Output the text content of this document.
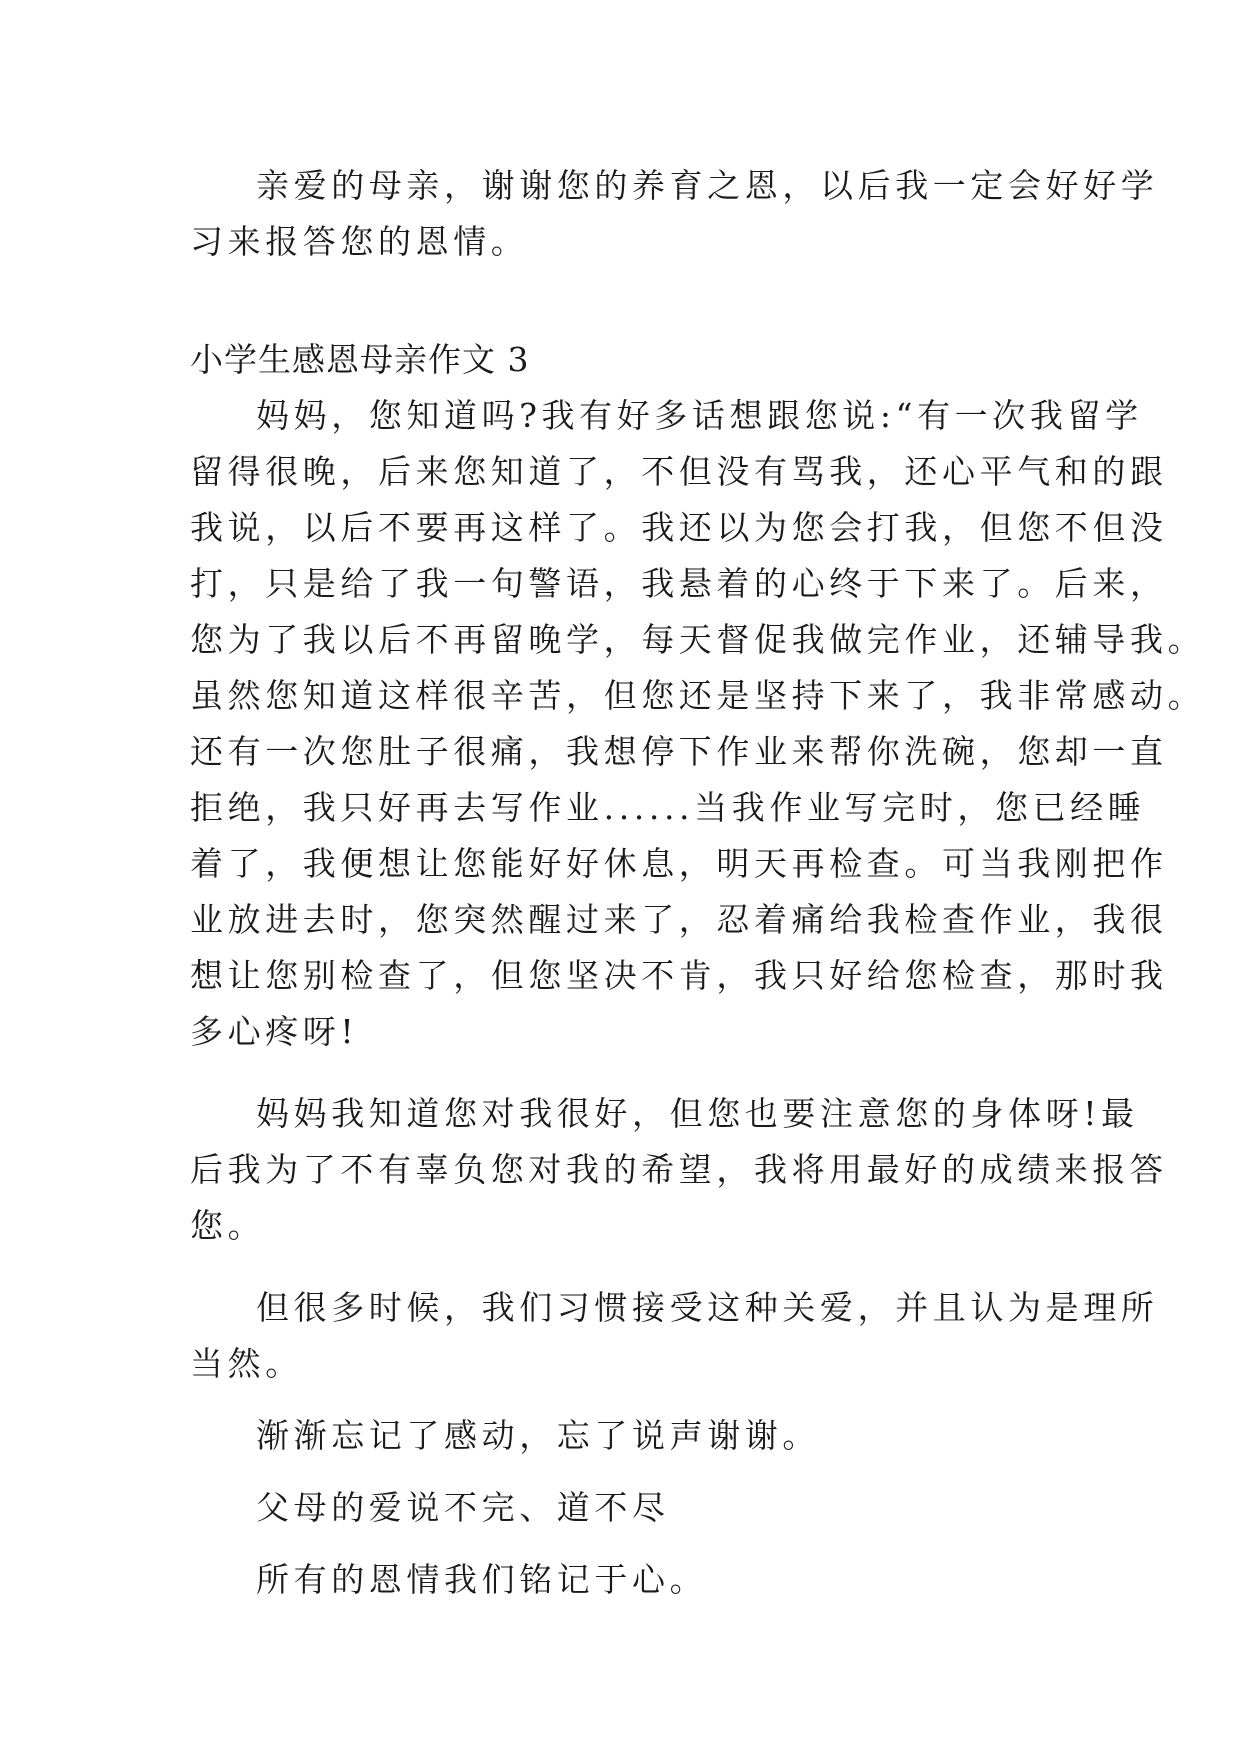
亲爱的母亲，谢谢您的养育之恩，以后我一定会好好学
习来报答您的恩情。
小学生感恩母亲作文 3
妈妈，您知道吗?我有好多话想跟您说:“有一次我留学
留得很晚，后来您知道了，不但没有骂我，还心平气和的跟
我说，以后不要再这样了。我还以为您会打我，但您不但没
打，只是给了我一句警语，我悬着的心终于下来了。后来，
您为了我以后不再留晚学，每天督促我做完作业，还辅导我。
虽然您知道这样很辛苦，但您还是坚持下来了，我非常感动。
还有一次您肚子很痛，我想停下作业来帮你洗碗，您却一直
拒绝，我只好再去写作业......当我作业写完时，您已经睡
着了，我便想让您能好好休息，明天再检查。可当我刚把作
业放进去时，您突然醒过来了，忍着痛给我检查作业，我很
想让您别检查了，但您坚决不肯，我只好给您检查，那时我
多心疼呀!
妈妈我知道您对我很好，但您也要注意您的身体呀!最
后我为了不有辜负您对我的希望，我将用最好的成绩来报答
您。
但很多时候，我们习惯接受这种关爱，并且认为是理所
当然。
渐渐忘记了感动，忘了说声谢谢。
父母的爱说不完、道不尽
所有的恩情我们铭记于心。
